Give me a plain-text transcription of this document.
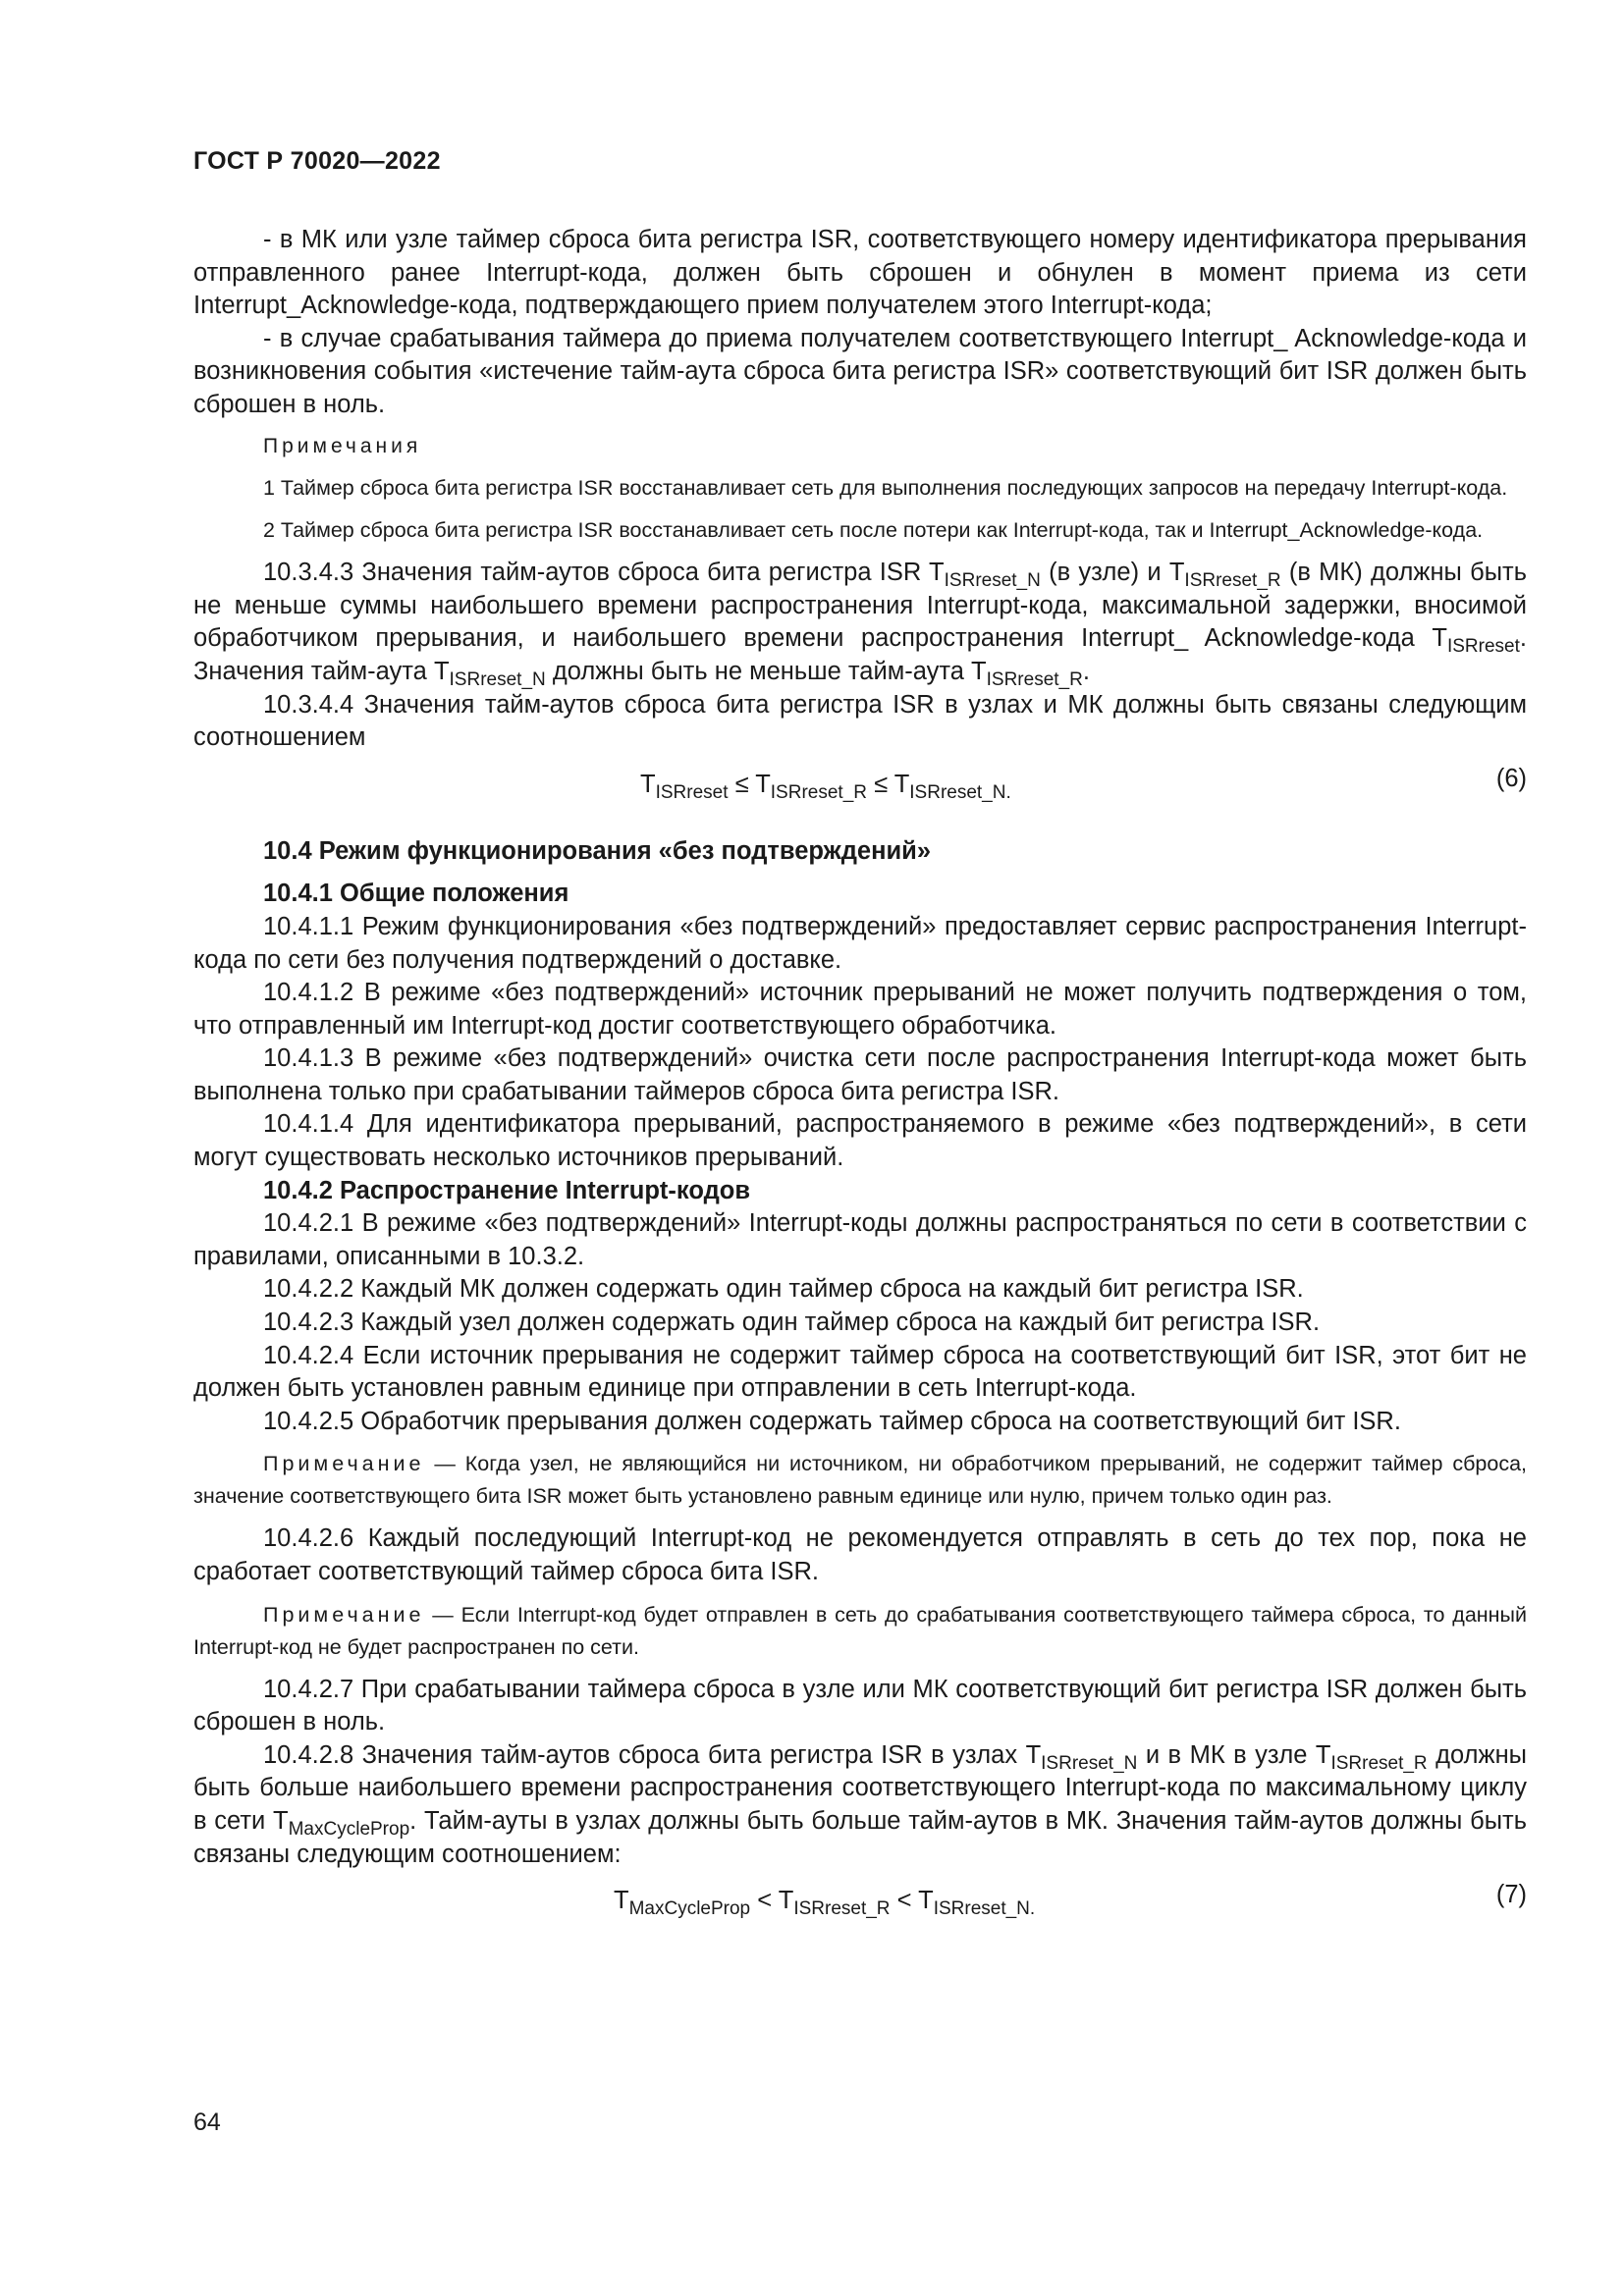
ГОСТ Р 70020—2022

- в МК или узле таймер сброса бита регистра ISR, соответствующего номеру идентификатора прерывания отправленного ранее Interrupt-кода, должен быть сброшен и обнулен в момент приема из сети Interrupt_Acknowledge-кода, подтверждающего прием получателем этого Interrupt-кода;

- в случае срабатывания таймера до приема получателем соответствующего Interrupt_ Acknowledge-кода и возникновения события «истечение тайм-аута сброса бита регистра ISR» соответствующий бит ISR должен быть сброшен в ноль.

Примечания

1 Таймер сброса бита регистра ISR восстанавливает сеть для выполнения последующих запросов на передачу Interrupt-кода.

2 Таймер сброса бита регистра ISR восстанавливает сеть после потери как Interrupt-кода, так и Interrupt_Acknowledge-кода.

10.3.4.3 Значения тайм-аутов сброса бита регистра ISR $T_{ISRreset\_N}$ (в узле) и $T_{ISRreset\_R}$ (в МК) должны быть не меньше суммы наибольшего времени распространения Interrupt-кода, максимальной задержки, вносимой обработчиком прерывания, и наибольшего времени распространения Interrupt_ Acknowledge-кода $T_{ISRreset}$. Значения тайм-аута $T_{ISRreset\_N}$ должны быть не меньше тайм-аута $T_{ISRreset\_R}$.

10.3.4.4 Значения тайм-аутов сброса бита регистра ISR в узлах и МК должны быть связаны следующим соотношением

$T_{ISRreset} \le T_{ISRreset\_R} \le T_{ISRreset\_N.}$
(6)
10.4 Режим функционирования «без подтверждений»
10.4.1 Общие положения

10.4.1.1 Режим функционирования «без подтверждений» предоставляет сервис распространения Interrupt-кода по сети без получения подтверждений о доставке.

10.4.1.2 В режиме «без подтверждений» источник прерываний не может получить подтверждения о том, что отправленный им Interrupt-код достиг соответствующего обработчика.

10.4.1.3 В режиме «без подтверждений» очистка сети после распространения Interrupt-кода может быть выполнена только при срабатывании таймеров сброса бита регистра ISR.

10.4.1.4 Для идентификатора прерываний, распространяемого в режиме «без подтверждений», в сети могут существовать несколько источников прерываний.

10.4.2 Распространение Interrupt-кодов

10.4.2.1 В режиме «без подтверждений» Interrupt-коды должны распространяться по сети в соответствии с правилами, описанными в 10.3.2.

10.4.2.2 Каждый МК должен содержать один таймер сброса на каждый бит регистра ISR.

10.4.2.3 Каждый узел должен содержать один таймер сброса на каждый бит регистра ISR.

10.4.2.4 Если источник прерывания не содержит таймер сброса на соответствующий бит ISR, этот бит не должен быть установлен равным единице при отправлении в сеть Interrupt-кода.

10.4.2.5 Обработчик прерывания должен содержать таймер сброса на соответствующий бит ISR.

Примечание — Когда узел, не являющийся ни источником, ни обработчиком прерываний, не содержит таймер сброса, значение соответствующего бита ISR может быть установлено равным единице или нулю, причем только один раз.

10.4.2.6 Каждый последующий Interrupt-код не рекомендуется отправлять в сеть до тех пор, пока не сработает соответствующий таймер сброса бита ISR.

Примечание — Если Interrupt-код будет отправлен в сеть до срабатывания соответствующего таймера сброса, то данный Interrupt-код не будет распространен по сети.

10.4.2.7 При срабатывании таймера сброса в узле или МК соответствующий бит регистра ISR должен быть сброшен в ноль.

10.4.2.8 Значения тайм-аутов сброса бита регистра ISR в узлах $T_{ISRreset\_N}$ и в МК в узле $T_{ISRreset\_R}$ должны быть больше наибольшего времени распространения соответствующего Interrupt-кода по максимальному циклу в сети $T_{MaxCycleProp}$. Тайм-ауты в узлах должны быть больше тайм-аутов в МК. Значения тайм-аутов должны быть связаны следующим соотношением:

$T_{MaxCycleProp} < T_{ISRreset\_R} < T_{ISRreset\_N.}$
(7)
64
